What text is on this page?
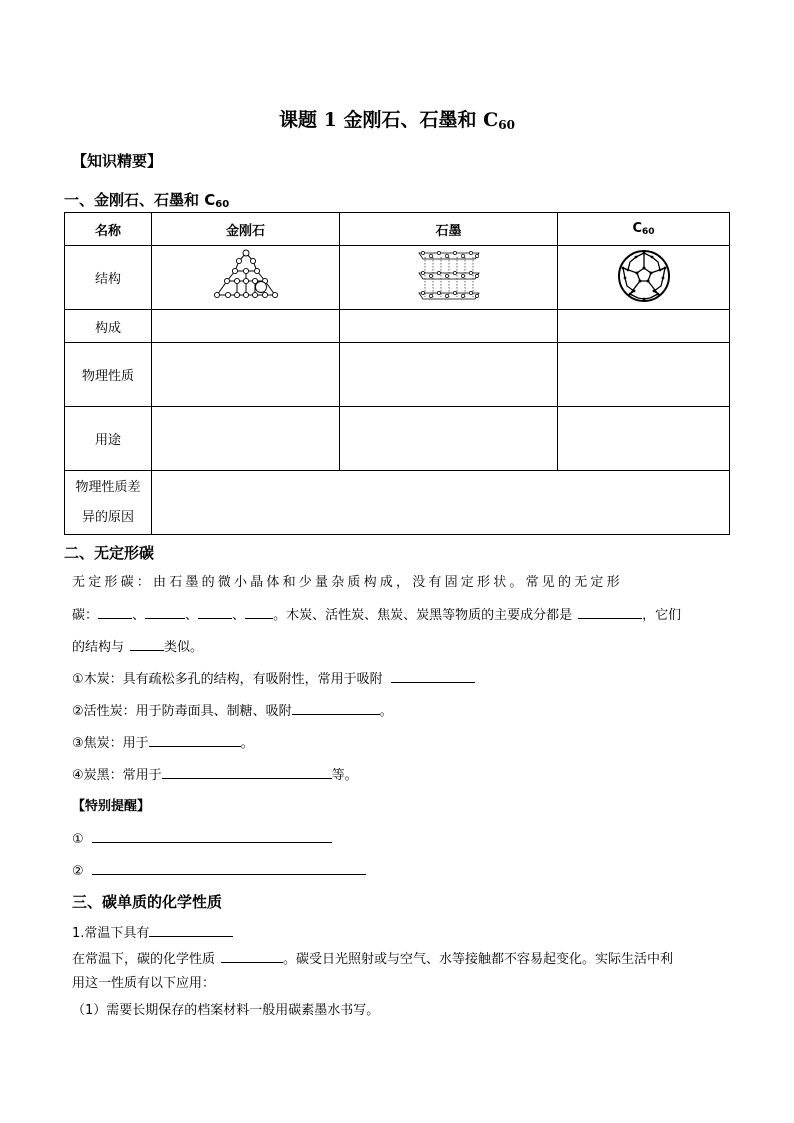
课题 1 金刚石、石墨和 $C_{60}$
【知识精要】
一、金刚石、石墨和 $C_{60}$
名称	金刚石	石墨	$C_{60}$
结构			
构成			
物理性质			
用途			
物理性质差
异的原因			
二、无定形碳
无定形碳：由石墨的微小晶体和少量杂质构成，没有固定形状。常见的无定形
碳：	、	、	、 。木炭、活性炭、焦炭、炭黑等物质的主要成分都是	，它们
的结构与	类似。
①木炭：具有疏松多孔的结构，有吸附性，常用于吸附
②活性炭：用于防毒面具、制糖、吸附	。
③焦炭：用于	。
④炭黑：常用于	等。
【特别提醒】
①
②
三、碳单质的化学性质
1.常温下具有
在常温下，碳的化学性质	。碳受日光照射或与空气、水等接触都不容易起变化。实际生活中利
用这一性质有以下应用：
（1）需要长期保存的档案材料一般用碳素墨水书写。
